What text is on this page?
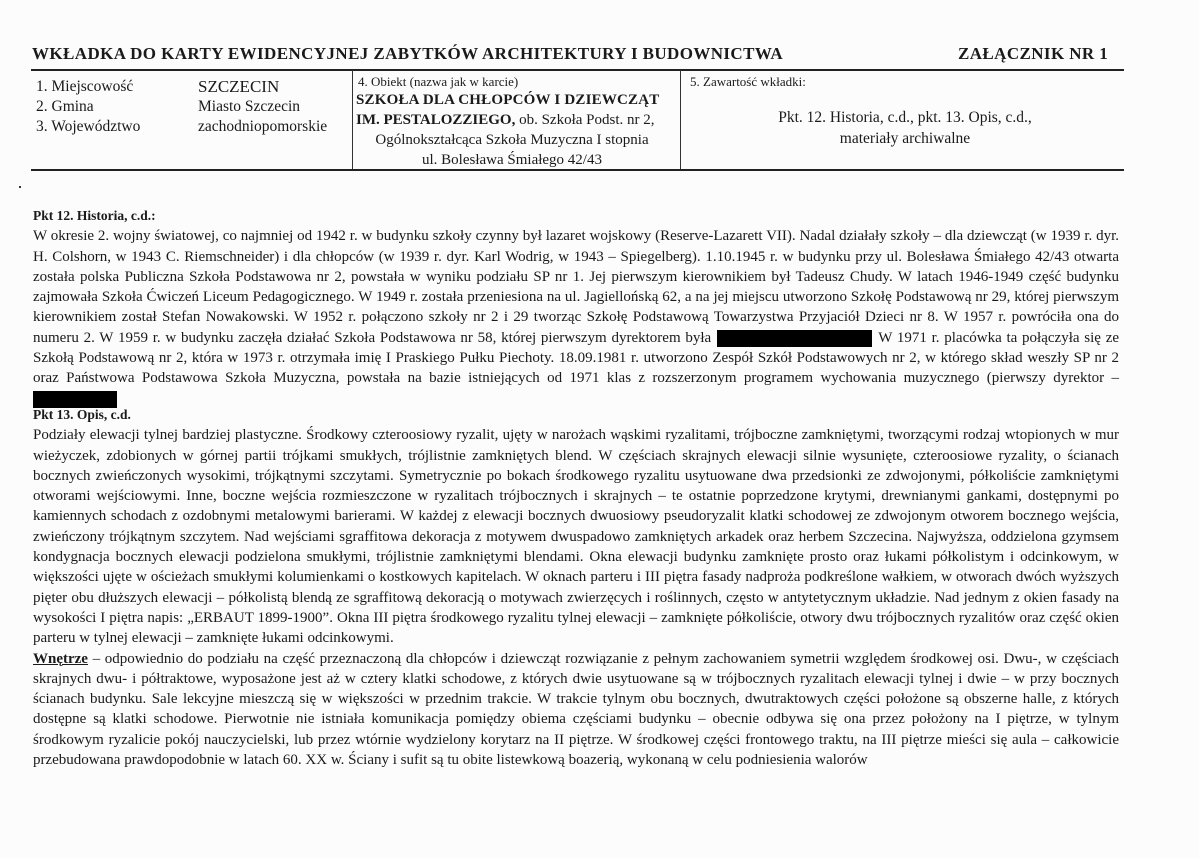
WKŁADKA DO KARTY EWIDENCYJNEJ ZABYTKÓW ARCHITEKTURY I BUDOWNICTWA	ZAŁĄCZNIK NR 1
1. Miejscowość
2. Gmina
3. Województwo
SZCZECIN
Miasto Szczecin
zachodniopomorskie
4. Obiekt (nazwa jak w karcie)
SZKOŁA DLA CHŁOPCÓW I DZIEWCZĄT
IM. PESTALOZZIEGO, ob. Szkoła Podst. nr 2,
Ogólnokształcąca Szkoła Muzyczna I stopnia
ul. Bolesława Śmiałego 42/43
5. Zawartość wkładki:
Pkt. 12. Historia, c.d., pkt. 13. Opis, c.d.,
materiały archiwalne
Pkt 12. Historia, c.d.:

W okresie 2. wojny światowej, co najmniej od 1942 r. w budynku szkoły czynny był lazaret wojskowy (Reserve-Lazarett VII). Nadal działały szkoły – dla dziewcząt (w 1939 r. dyr. H. Colshorn, w 1943 C. Riemschneider) i dla chłopców (w 1939 r. dyr. Karl Wodrig, w 1943 – Spiegelberg). 1.10.1945 r. w budynku przy ul. Bolesława Śmiałego 42/43 otwarta została polska Publiczna Szkoła Podstawowa nr 2, powstała w wyniku podziału SP nr 1. Jej pierwszym kierownikiem był Tadeusz Chudy. W latach 1946-1949 część budynku zajmowała Szkoła Ćwiczeń Liceum Pedagogicznego. W 1949 r. została przeniesiona na ul. Jagiellońską 62, a na jej miejscu utworzono Szkołę Podstawową nr 29, której pierwszym kierownikiem został Stefan Nowakowski. W 1952 r. połączono szkoły nr 2 i 29 tworząc Szkołę Podstawową Towarzystwa Przyjaciół Dzieci nr 8. W 1957 r. powróciła ona do numeru 2. W 1959 r. w budynku zaczęła działać Szkoła Podstawowa nr 58, której pierwszym dyrektorem była	W 1971 r. placówka ta połączyła się ze Szkołą Podstawową nr 2, która w 1973 r. otrzymała imię I Praskiego Pułku Piechoty. 18.09.1981 r. utworzono Zespół Szkół Podstawowych nr 2, w którego skład weszły SP nr 2 oraz Państwowa Podstawowa Szkoła Muzyczna, powstała na bazie istniejących od 1971 klas z rozszerzonym programem wychowania muzycznego (pierwszy dyrektor –

Pkt 13. Opis, c.d.

Podziały elewacji tylnej bardziej plastyczne. Środkowy czteroosiowy ryzalit, ujęty w narożach wąskimi ryzalitami, trójboczne zamkniętymi, tworzącymi rodzaj wtopionych w mur wieżyczek, zdobionych w górnej partii trójkami smukłych, trójlistnie zamkniętych blend. W częściach skrajnych elewacji silnie wysunięte, czteroosiowe ryzality, o ścianach bocznych zwieńczonych wysokimi, trójkątnymi szczytami. Symetrycznie po bokach środkowego ryzalitu usytuowane dwa przedsionki ze zdwojonymi, półkoliście zamkniętymi otworami wejściowymi. Inne, boczne wejścia rozmieszczone w ryzalitach trójbocznych i skrajnych – te ostatnie poprzedzone krytymi, drewnianymi gankami, dostępnymi po kamiennych schodach z ozdobnymi metalowymi barierami. W każdej z elewacji bocznych dwuosiowy pseudoryzalit klatki schodowej ze zdwojonym otworem bocznego wejścia, zwieńczony trójkątnym szczytem. Nad wejściami sgraffitowa dekoracja z motywem dwuspadowo zamkniętych arkadek oraz herbem Szczecina. Najwyższa, oddzielona gzymsem kondygnacja bocznych elewacji podzielona smukłymi, trójlistnie zamkniętymi blendami. Okna elewacji budynku zamknięte prosto oraz łukami półkolistym i odcinkowym, w większości ujęte w ościeżach smukłymi kolumienkami o kostkowych kapitelach. W oknach parteru i III piętra fasady nadproża podkreślone wałkiem, w otworach dwóch wyższych pięter obu dłuższych elewacji – półkolistą blendą ze sgraffitową dekoracją o motywach zwierzęcych i roślinnych, często w antytetycznym układzie. Nad jednym z okien fasady na wysokości I piętra napis: „ERBAUT 1899-1900”. Okna III piętra środkowego ryzalitu tylnej elewacji – zamknięte półkoliście, otwory dwu trójbocznych ryzalitów oraz część okien parteru w tylnej elewacji – zamknięte łukami odcinkowymi.

Wnętrze – odpowiednio do podziału na część przeznaczoną dla chłopców i dziewcząt rozwiązanie z pełnym zachowaniem symetrii względem środkowej osi. Dwu-, w częściach skrajnych dwu- i półtraktowe, wyposażone jest aż w cztery klatki schodowe, z których dwie usytuowane są w trójbocznych ryzalitach elewacji tylnej i dwie – w przy bocznych ścianach budynku. Sale lekcyjne mieszczą się w większości w przednim trakcie. W trakcie tylnym obu bocznych, dwutraktowych części położone są obszerne halle, z których dostępne są klatki schodowe. Pierwotnie nie istniała komunikacja pomiędzy obiema częściami budynku – obecnie odbywa się ona przez położony na I piętrze, w tylnym środkowym ryzalicie pokój nauczycielski, lub przez wtórnie wydzielony korytarz na II piętrze. W środkowej części frontowego traktu, na III piętrze mieści się aula – całkowicie przebudowana prawdopodobnie w latach 60. XX w. Ściany i sufit są tu obite listewkową boazerią, wykonaną w celu podniesienia walorów
